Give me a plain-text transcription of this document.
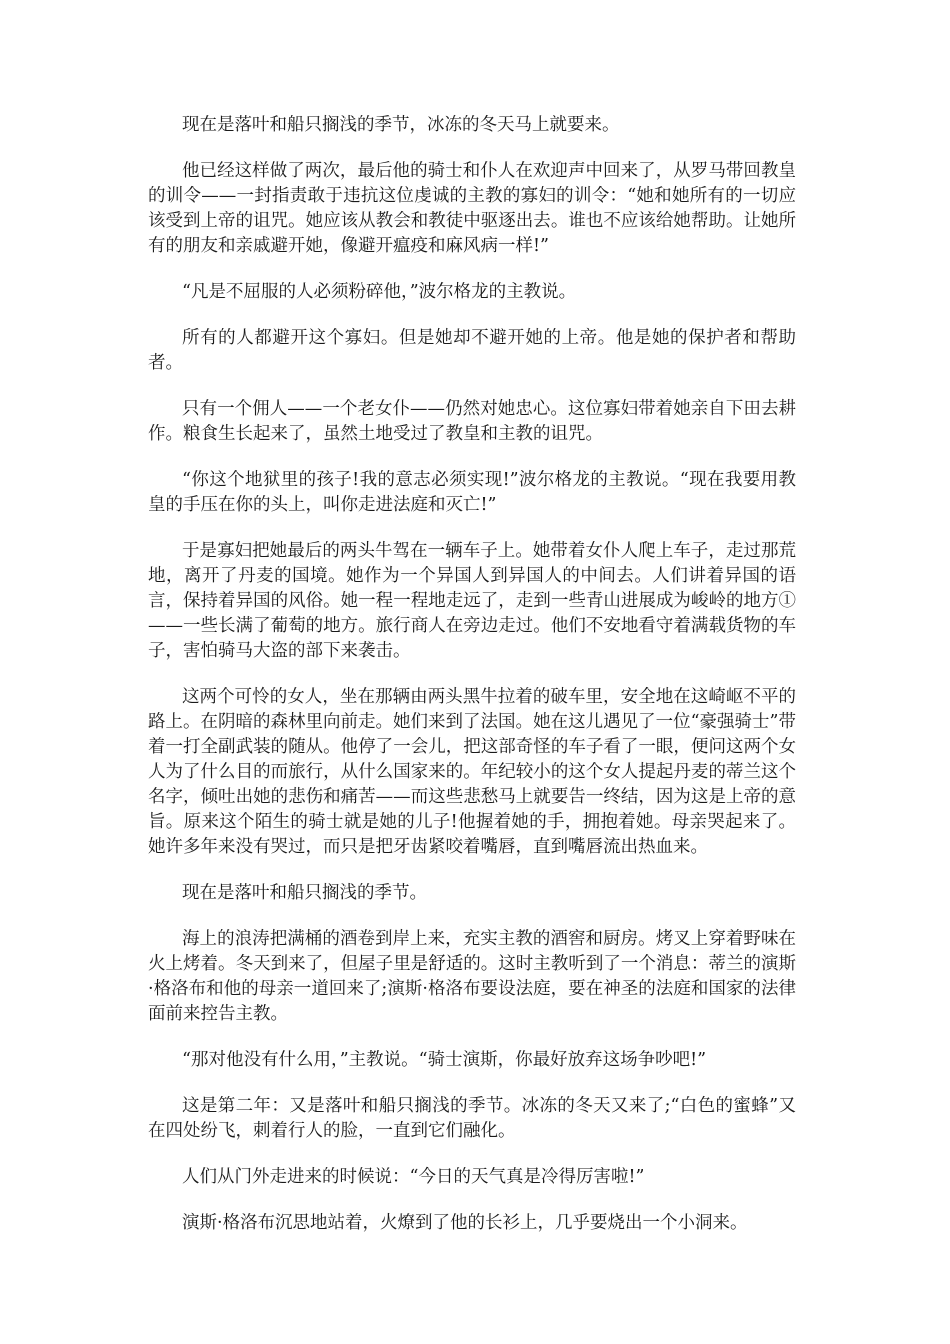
现在是落叶和船只搁浅的季节，冰冻的冬天马上就要来。

他已经这样做了两次，最后他的骑士和仆人在欢迎声中回来了，从罗马带回教皇的训令——一封指责敢于违抗这位虔诚的主教的寡妇的训令：“她和她所有的一切应该受到上帝的诅咒。她应该从教会和教徒中驱逐出去。谁也不应该给她帮助。让她所有的朋友和亲戚避开她，像避开瘟疫和麻风病一样!”

“凡是不屈服的人必须粉碎他，”波尔格龙的主教说。

所有的人都避开这个寡妇。但是她却不避开她的上帝。他是她的保护者和帮助者。

只有一个佣人——一个老女仆——仍然对她忠心。这位寡妇带着她亲自下田去耕作。粮食生长起来了，虽然土地受过了教皇和主教的诅咒。

“你这个地狱里的孩子!我的意志必须实现!”波尔格龙的主教说。“现在我要用教皇的手压在你的头上，叫你走进法庭和灭亡!”

于是寡妇把她最后的两头牛驾在一辆车子上。她带着女仆人爬上车子，走过那荒地，离开了丹麦的国境。她作为一个异国人到异国人的中间去。人们讲着异国的语言，保持着异国的风俗。她一程一程地走远了，走到一些青山进展成为峻岭的地方①——一些长满了葡萄的地方。旅行商人在旁边走过。他们不安地看守着满载货物的车子，害怕骑马大盗的部下来袭击。

这两个可怜的女人，坐在那辆由两头黑牛拉着的破车里，安全地在这崎岖不平的路上。在阴暗的森林里向前走。她们来到了法国。她在这儿遇见了一位“豪强骑士”带着一打全副武装的随从。他停了一会儿，把这部奇怪的车子看了一眼，便问这两个女人为了什么目的而旅行，从什么国家来的。年纪较小的这个女人提起丹麦的蒂兰这个名字，倾吐出她的悲伤和痛苦——而这些悲愁马上就要告一终结，因为这是上帝的意旨。原来这个陌生的骑士就是她的儿子!他握着她的手，拥抱着她。母亲哭起来了。她许多年来没有哭过，而只是把牙齿紧咬着嘴唇，直到嘴唇流出热血来。

现在是落叶和船只搁浅的季节。

海上的浪涛把满桶的酒卷到岸上来，充实主教的酒窖和厨房。烤叉上穿着野味在火上烤着。冬天到来了，但屋子里是舒适的。这时主教听到了一个消息：蒂兰的演斯·格洛布和他的母亲一道回来了;演斯·格洛布要设法庭，要在神圣的法庭和国家的法律面前来控告主教。

“那对他没有什么用，”主教说。“骑士演斯，你最好放弃这场争吵吧!”

这是第二年：又是落叶和船只搁浅的季节。冰冻的冬天又来了;“白色的蜜蜂”又在四处纷飞，刺着行人的脸，一直到它们融化。

人们从门外走进来的时候说：“今日的天气真是冷得厉害啦!”

演斯·格洛布沉思地站着，火燎到了他的长衫上，几乎要烧出一个小洞来。
